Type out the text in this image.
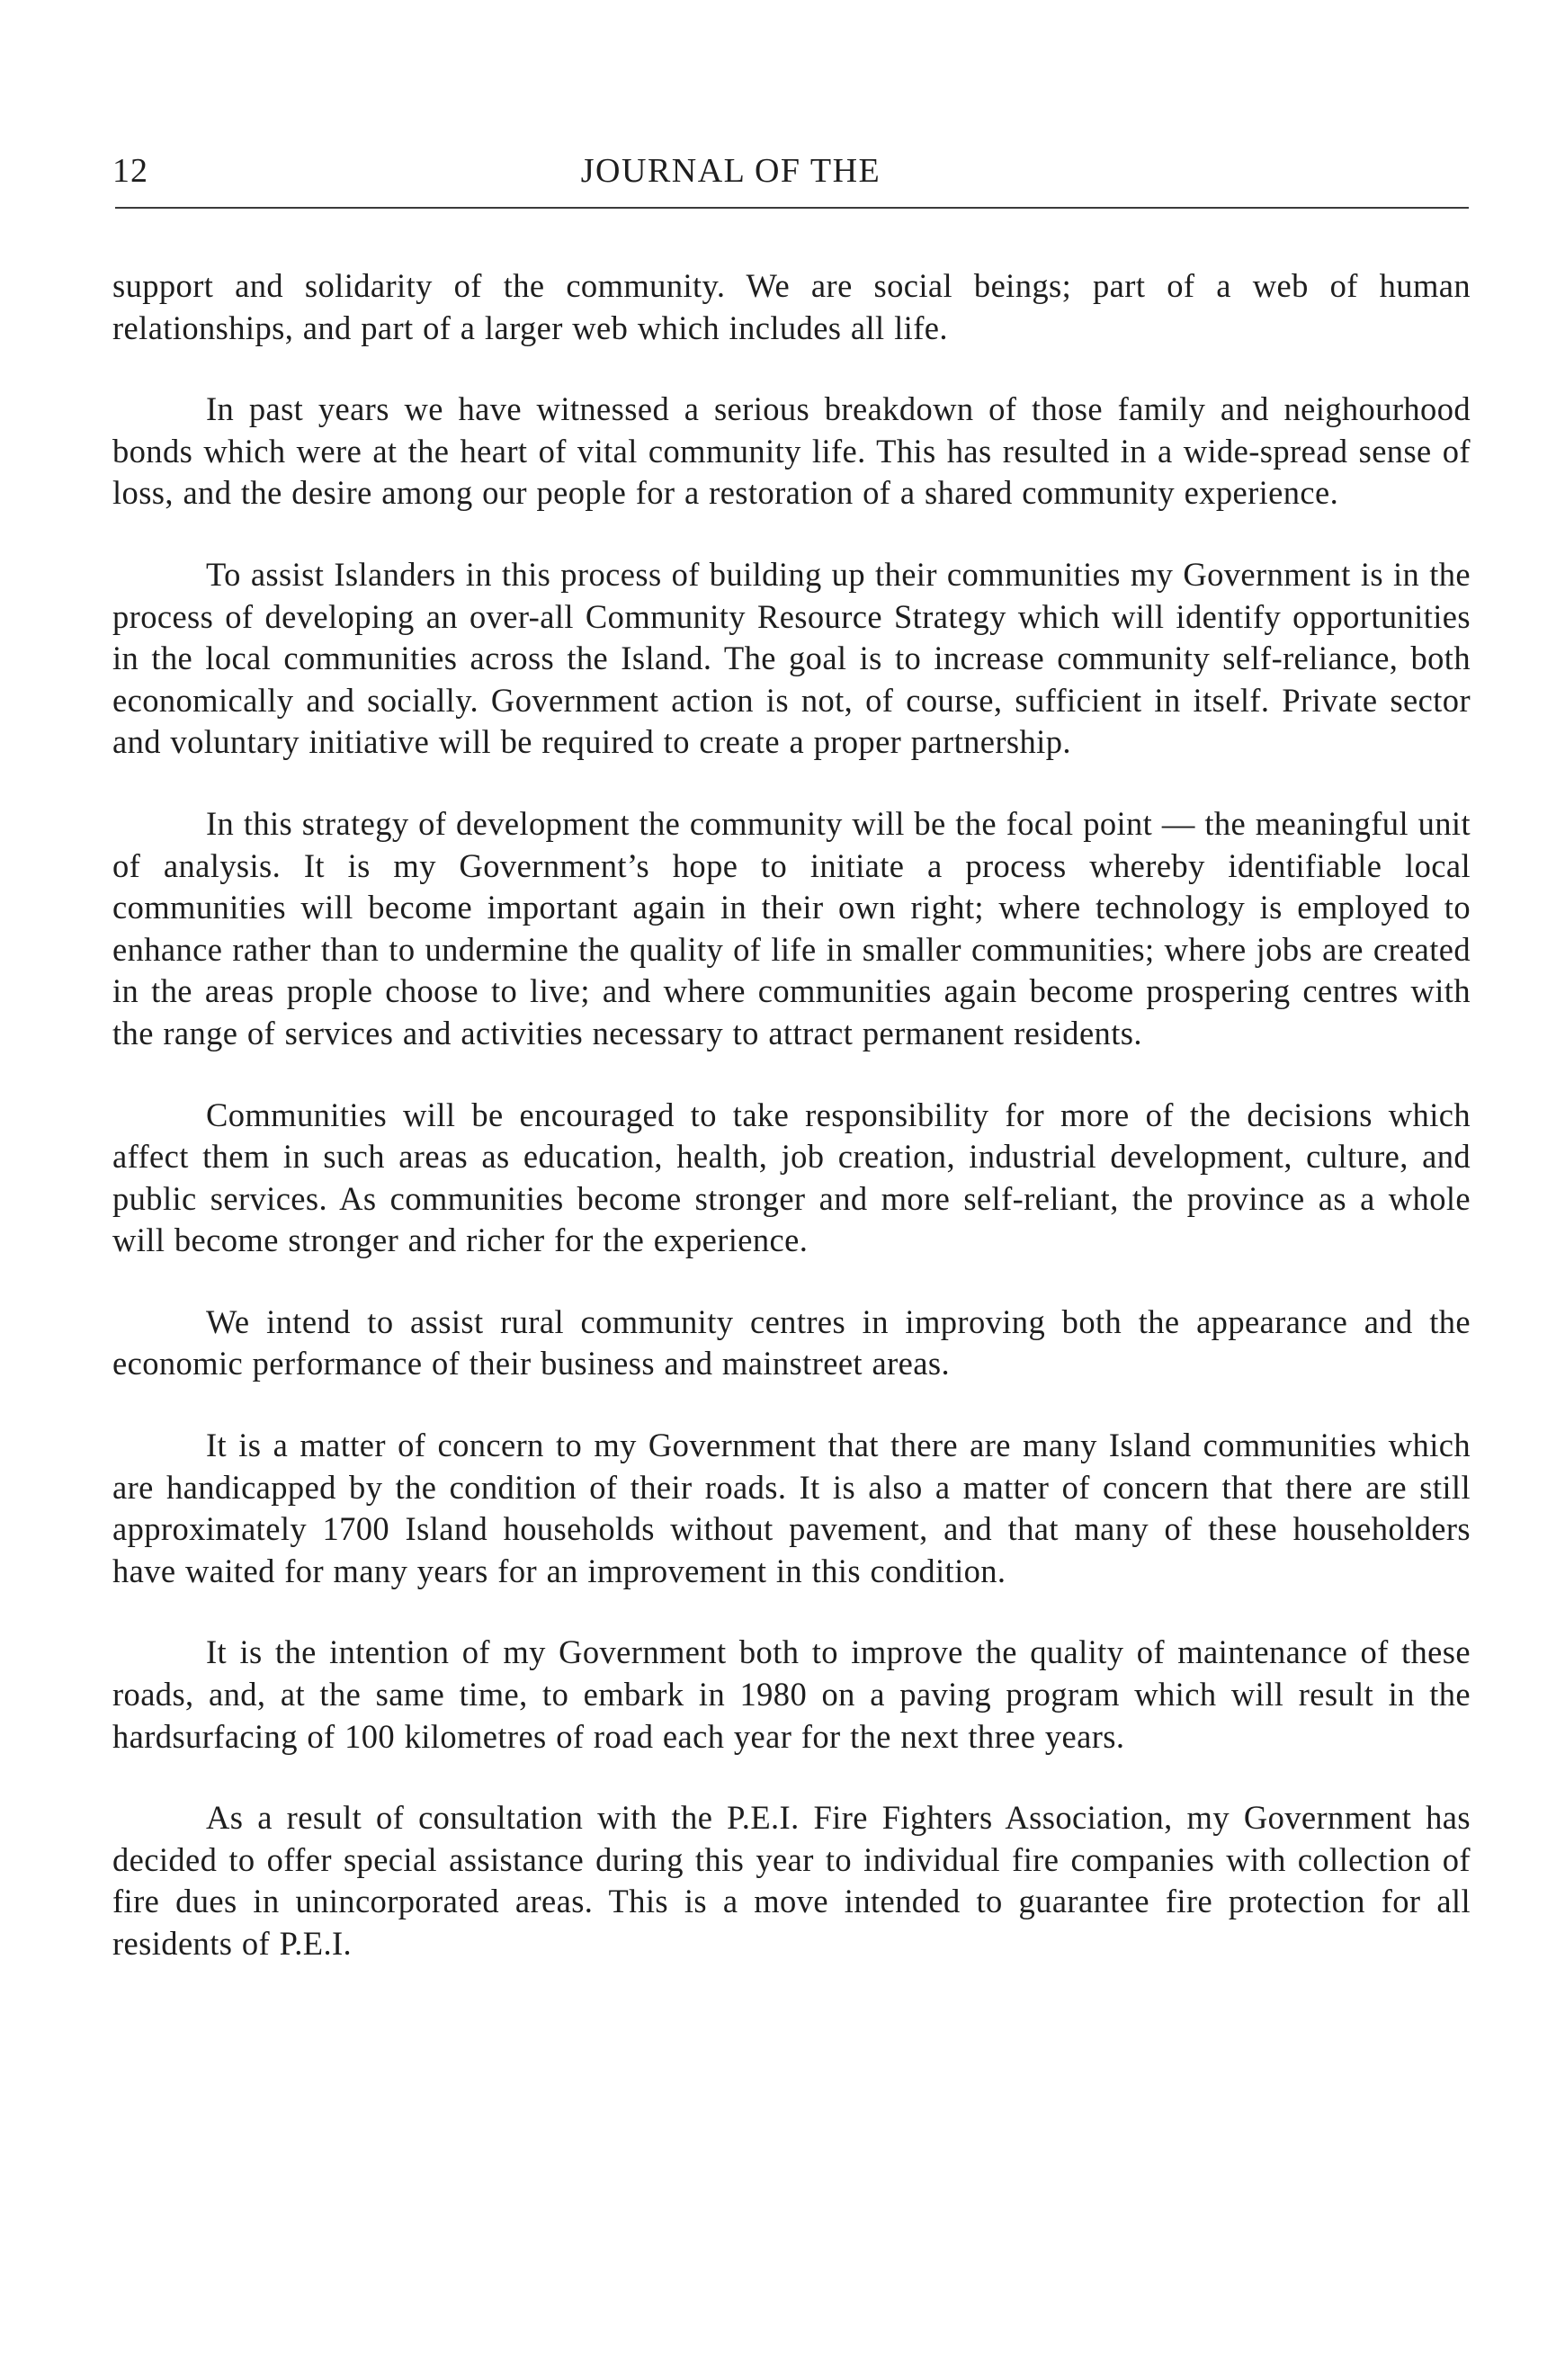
12	JOURNAL OF THE

support and solidarity of the community. We are social beings; part of a web of human relationships, and part of a larger web which includes all life.

In past years we have witnessed a serious breakdown of those family and neighourhood bonds which were at the heart of vital community life. This has resulted in a wide-spread sense of loss, and the desire among our people for a restoration of a shared community experience.

To assist Islanders in this process of building up their communities my Government is in the process of developing an over-all Community Resource Strategy which will identify opportunities in the local communities across the Island. The goal is to increase community self-reliance, both economically and socially. Government action is not, of course, sufficient in itself. Private sector and voluntary initiative will be required to create a proper partnership.

In this strategy of development the community will be the focal point — the meaningful unit of analysis. It is my Government’s hope to initiate a process whereby identifiable local communities will become important again in their own right; where technology is employed to enhance rather than to undermine the quality of life in smaller communities; where jobs are created in the areas prople choose to live; and where communities again become prospering centres with the range of services and activities necessary to attract permanent residents.

Communities will be encouraged to take responsibility for more of the decisions which affect them in such areas as education, health, job creation, industrial development, culture, and public services. As communities become stronger and more self-reliant, the province as a whole will become stronger and richer for the experience.

We intend to assist rural community centres in improving both the appearance and the economic performance of their business and mainstreet areas.

It is a matter of concern to my Government that there are many Island communities which are handicapped by the condition of their roads. It is also a matter of concern that there are still approximately 1700 Island households without pavement, and that many of these householders have waited for many years for an improvement in this condition.

It is the intention of my Government both to improve the quality of maintenance of these roads, and, at the same time, to embark in 1980 on a paving program which will result in the hardsurfacing of 100 kilometres of road each year for the next three years.

As a result of consultation with the P.E.I. Fire Fighters Association, my Government has decided to offer special assistance during this year to individual fire companies with collection of fire dues in unincorporated areas. This is a move intended to guarantee fire protection for all residents of P.E.I.
